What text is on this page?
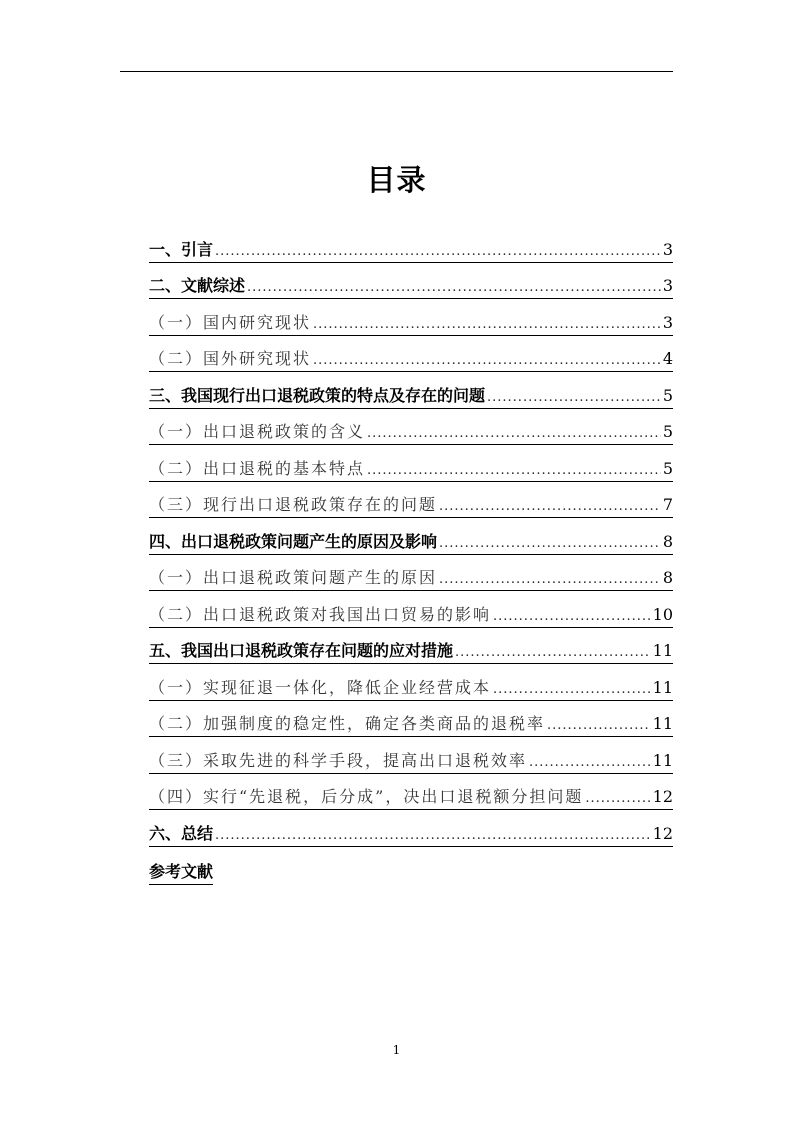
目录
一、引言 .....	3
二、文献综述 .....	3
（一）国内研究现状 .....	3
（二）国外研究现状 .....	4
三、我国现行出口退税政策的特点及存在的问题 .....	5
（一）出口退税政策的含义 .....	5
（二）出口退税的基本特点 .....	5
（三）现行出口退税政策存在的问题 .....	7
四、出口退税政策问题产生的原因及影响 .....	8
（一）出口退税政策问题产生的原因 .....	8
（二）出口退税政策对我国出口贸易的影响 .....	10
五、我国出口退税政策存在问题的应对措施 .....	11
（一）实现征退一体化，降低企业经营成本 .....	11
（二）加强制度的稳定性，确定各类商品的退税率 .....	11
（三）采取先进的科学手段，提高出口退税效率 .....	11
（四）实行“先退税，后分成”，决出口退税额分担问题 .....	12
六、总结 .....	12
参考文献
1
